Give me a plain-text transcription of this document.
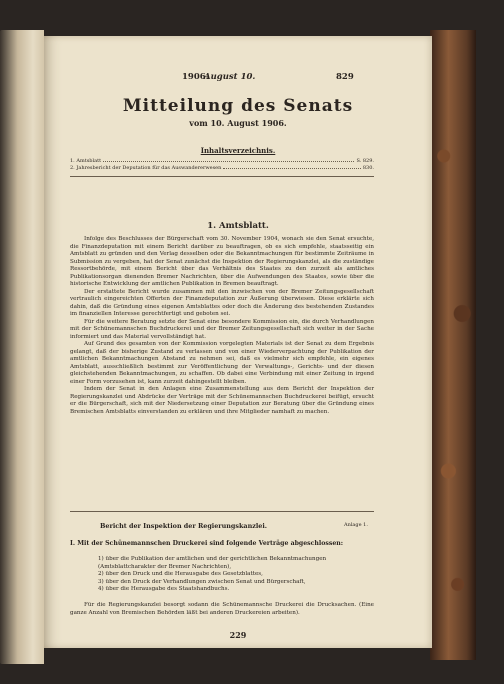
1906.
August 10.	829
Mitteilung des Senats
vom 10. August 1906.
Inhaltsverzeichnis.
1. Amtsblatt	S. 829.
2. Jahresbericht der Deputation für das Auswandererwesen	830.
1. Amtsblatt.

Infolge des Beschlusses der Bürgerschaft vom 30. November 1904, wonach sie den Senat ersuchte, die Finanzdeputation mit einem Bericht darüber zu beauftragen, ob es sich empfehle, staatsseitig ein Amtsblatt zu gründen und den Verlag desselben oder die Bekanntmachungen für bestimmte Zeiträume in Submission zu vergeben, hat der Senat zunächst die Inspektion der Regierungskanzlei, als die zuständige Ressortbehörde, mit einem Bericht über das Verhältnis des Staates zu den zurzeit als amtliches Publikationsorgan dienenden Bremer Nachrichten, über die Aufwendungen des Staates, sowie über die historische Entwicklung der amtlichen Publikation in Bremen beauftragt.

Der erstattete Bericht wurde zusammen mit den inzwischen von der Bremer Zeitungsgesellschaft vertraulich eingereichten Offerten der Finanzdeputation zur Äußerung überwiesen. Diese erklärte sich dahin, daß die Gründung eines eigenen Amtsblattes oder doch die Änderung des bestehenden Zustandes im finanziellen Interesse gerechtfertigt und geboten sei.

Für die weitere Beratung setzte der Senat eine besondere Kommission ein, die durch Verhandlungen mit der Schünemannschen Buchdruckerei und der Bremer Zeitungsgesellschaft sich weiter in der Sache informiert und das Material vervollständigt hat.

Auf Grund des gesamten von der Kommission vorgelegten Materials ist der Senat zu dem Ergebnis gelangt, daß der bisherige Zustand zu verlassen und von einer Wiederverpachtung der Publikation der amtlichen Bekanntmachungen Abstand zu nehmen sei, daß es vielmehr sich empfehle, ein eigenes Amtsblatt, ausschließlich bestimmt zur Veröffentlichung der Verwaltungs-, Gerichts- und der diesen gleichstehenden Bekanntmachungen, zu schaffen. Ob dabei eine Verbindung mit einer Zeitung in irgend einer Form vorzusehen ist, kann zurzeit dahingestellt bleiben.

Indem der Senat in den Anlagen eine Zusammenstellung aus dem Bericht der Inspektion der Regierungskanzlei und Abdrücke der Verträge mit der Schünemannschen Buchdruckerei beifügt, ersucht er die Bürgerschaft, sich mit der Niedersetzung einer Deputation zur Beratung über die Gründung eines Bremischen Amtsblatts einverstanden zu erklären und ihre Mitglieder namhaft zu machen.

Bericht der Inspektion der Regierungskanzlei.	Anlage 1.
I. Mit der Schünemannschen Druckerei sind folgende Verträge abgeschlossen:
1) über die Publikation der amtlichen und der gerichtlichen Bekanntmachungen (Amtsblattcharakter der Bremer Nachrichten),
2) über den Druck und die Herausgabe des Gesetzblattes,
3) über den Druck der Verhandlungen zwischen Senat und Bürgerschaft,
4) über die Herausgabe des Staatshandbuchs.

Für die Regierungskanzlei besorgt sodann die Schünemannsche Druckerei die Drucksachen. (Eine ganze Anzahl von Bremischen Behörden läßt bei anderen Druckereien arbeiten).

229
